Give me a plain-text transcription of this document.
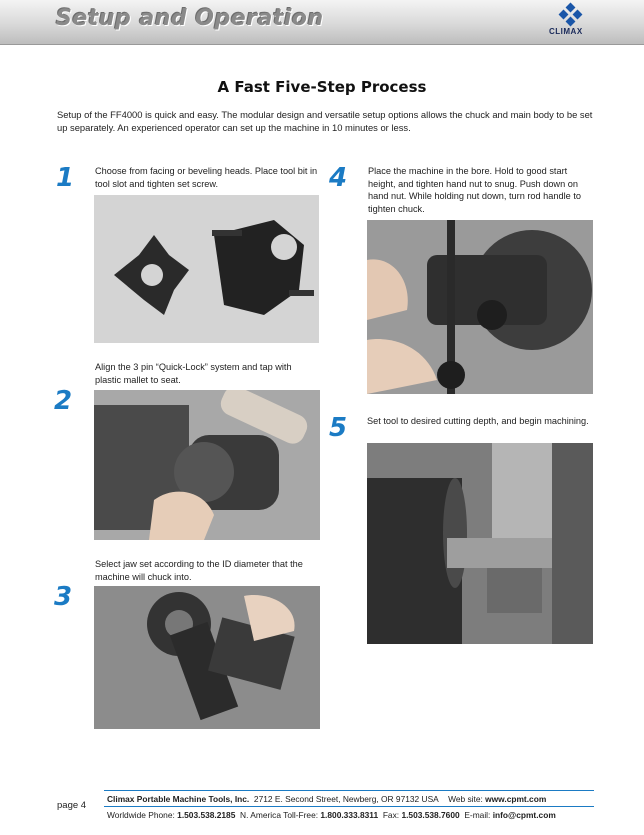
Setup and Operation
CLIMAX
A Fast Five-Step Process
Setup of the FF4000 is quick and easy. The modular design and versatile setup options allows the chuck and main body to be set up separately. An experienced operator can set up the machine in 10 minutes or less.
1 Choose from facing or beveling heads. Place tool bit in tool slot and tighten set screw.
Align the 3 pin “Quick-Lock” system and tap with plastic mallet to seat.
2
Select jaw set according to the ID diameter that the machine will chuck into.
3
4 Place the machine in the bore. Hold to good start height, and tighten hand nut to snug. Push down on hand nut. While holding nut down, turn rod handle to tighten chuck.
5 Set tool to desired cutting depth, and begin machining.
page 4
Climax Portable Machine Tools, Inc. 2712 E. Second Street, Newberg, OR 97132 USA Web site: www.cpmt.com
Worldwide Phone: 1.503.538.2185 N. America Toll-Free: 1.800.333.8311 Fax: 1.503.538.7600 E-mail: info@cpmt.com
